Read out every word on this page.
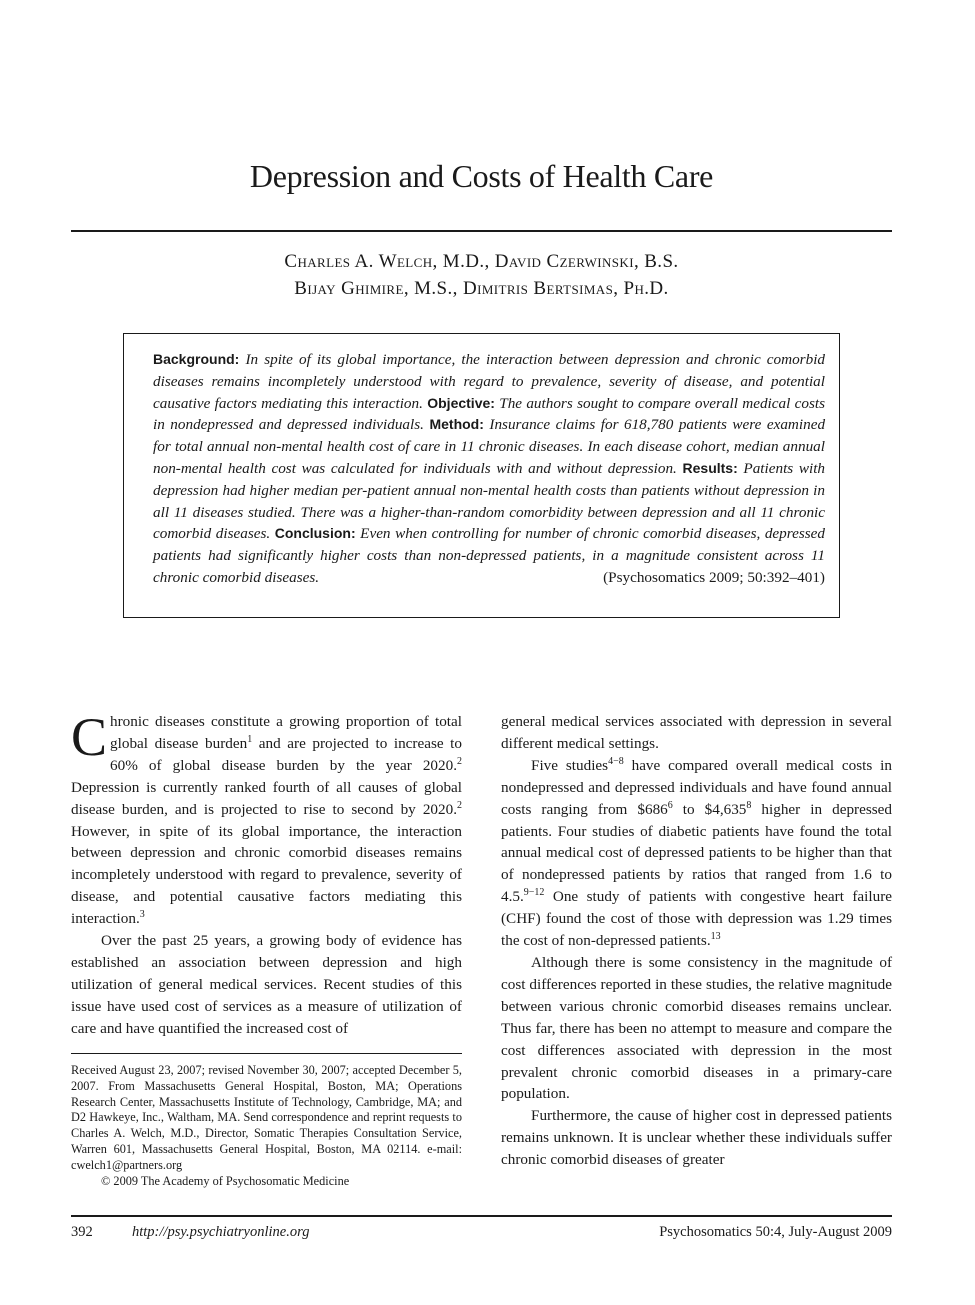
Depression and Costs of Health Care
Charles A. Welch, M.D., David Czerwinski, B.S.
Bijay Ghimire, M.S., Dimitris Bertsimas, Ph.D.
Background: In spite of its global importance, the interaction between depression and chronic comorbid diseases remains incompletely understood with regard to prevalence, severity of disease, and potential causative factors mediating this interaction. Objective: The authors sought to compare overall medical costs in nondepressed and depressed individuals. Method: Insurance claims for 618,780 patients were examined for total annual non-mental health cost of care in 11 chronic diseases. In each disease cohort, median annual non-mental health cost was calculated for individuals with and without depression. Results: Patients with depression had higher median per-patient annual non-mental health costs than patients without depression in all 11 diseases studied. There was a higher-than-random comorbidity between depression and all 11 chronic comorbid diseases. Conclusion: Even when controlling for number of chronic comorbid diseases, depressed patients had significantly higher costs than non-depressed patients, in a magnitude consistent across 11 chronic comorbid diseases.	(Psychosomatics 2009; 50:392–401)

Chronic diseases constitute a growing proportion of total global disease burden$^1$ and are projected to increase to 60% of global disease burden by the year 2020.$^2$ Depression is currently ranked fourth of all causes of global disease burden, and is projected to rise to second by 2020.$^2$ However, in spite of its global importance, the interaction between depression and chronic comorbid diseases remains incompletely understood with regard to prevalence, severity of disease, and potential causative factors mediating this interaction.$^3$

Over the past 25 years, a growing body of evidence has established an association between depression and high utilization of general medical services. Recent studies of this issue have used cost of services as a measure of utilization of care and have quantified the increased cost of

general medical services associated with depression in several different medical settings.

Five studies$^{4-8}$ have compared overall medical costs in nondepressed and depressed individuals and have found annual costs ranging from $\$686^6$ to $4,635$^8$ higher in depressed patients. Four studies of diabetic patients have found the total annual medical cost of depressed patients to be higher than that of nondepressed patients by ratios that ranged from 1.6 to 4.5.$^{9-12}$ One study of patients with congestive heart failure (CHF) found the cost of those with depression was 1.29 times the cost of non-depressed patients.$^{13}$

Although there is some consistency in the magnitude of cost differences reported in these studies, the relative magnitude between various chronic comorbid diseases remains unclear. Thus far, there has been no attempt to measure and compare the cost differences associated with depression in the most prevalent chronic comorbid diseases in a primary-care population.

Furthermore, the cause of higher cost in depressed patients remains unknown. It is unclear whether these individuals suffer chronic comorbid diseases of greater

Received August 23, 2007; revised November 30, 2007; accepted December 5, 2007. From Massachusetts General Hospital, Boston, MA; Operations Research Center, Massachusetts Institute of Technology, Cambridge, MA; and D2 Hawkeye, Inc., Waltham, MA. Send correspondence and reprint requests to Charles A. Welch, M.D., Director, Somatic Therapies Consultation Service, Warren 601, Massachusetts General Hospital, Boston, MA 02114. e-mail: cwelch1@partners.org
© 2009 The Academy of Psychosomatic Medicine
392	http://psy.psychiatryonline.org	Psychosomatics 50:4, July-August 2009
